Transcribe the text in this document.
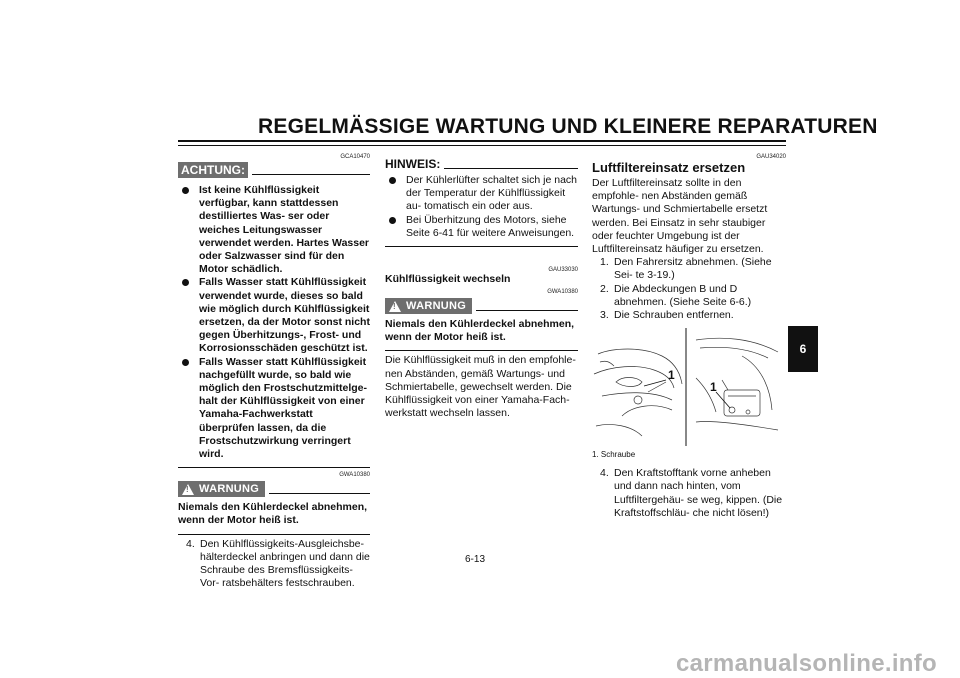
REGELMÄSSIGE WARTUNG UND KLEINERE REPARATUREN
GCA10470
ACHTUNG:
Ist keine Kühlflüssigkeit verfügbar, kann stattdessen destilliertes Was- ser oder weiches Leitungswasser verwendet werden. Hartes Wasser oder Salzwasser sind für den Motor schädlich.
Falls Wasser statt Kühlflüssigkeit verwendet wurde, dieses so bald wie möglich durch Kühlflüssigkeit ersetzen, da der Motor sonst nicht gegen Überhitzungs-, Frost- und Korrosionsschäden geschützt ist.
Falls Wasser statt Kühlflüssigkeit nachgefüllt wurde, so bald wie möglich den Frostschutzmittelge- halt der Kühlflüssigkeit von einer Yamaha-Fachwerkstatt überprüfen lassen, da die Frostschutzwirkung verringert wird.
GWA10380
! WARNUNG
Niemals den Kühlerdeckel abnehmen, wenn der Motor heiß ist.
4. Den Kühlflüssigkeits-Ausgleichsbe- hälterdeckel anbringen und dann die Schraube des Bremsflüssigkeits-Vor- ratsbehälters festschrauben.
HINWEIS:
Der Kühlerlüfter schaltet sich je nach der Temperatur der Kühlflüssigkeit au- tomatisch ein oder aus.
Bei Überhitzung des Motors, siehe Seite 6-41 für weitere Anweisungen.
GAU33030
Kühlflüssigkeit wechseln
GWA10380
! WARNUNG
Niemals den Kühlerdeckel abnehmen, wenn der Motor heiß ist.
Die Kühlflüssigkeit muß in den empfohle- nen Abständen, gemäß Wartungs- und Schmiertabelle, gewechselt werden. Die Kühlflüssigkeit von einer Yamaha-Fach- werkstatt wechseln lassen.
GAU34020
Luftfiltereinsatz ersetzen
Der Luftfiltereinsatz sollte in den empfohle- nen Abständen gemäß Wartungs- und Schmiertabelle ersetzt werden. Bei Einsatz in sehr staubiger oder feuchter Umgebung ist der Luftfiltereinsatz häufiger zu ersetzen.
1. Den Fahrersitz abnehmen. (Siehe Sei- te 3-19.)
2. Die Abdeckungen B und D abnehmen. (Siehe Seite 6-6.)
3. Die Schrauben entfernen.
1
1
1. Schraube
4. Den Kraftstofftank vorne anheben und dann nach hinten, vom Luftfiltergehäu- se weg, kippen. (Die Kraftstoffschläu- che nicht lösen!)
6
6-13
carmanualsonline.info
